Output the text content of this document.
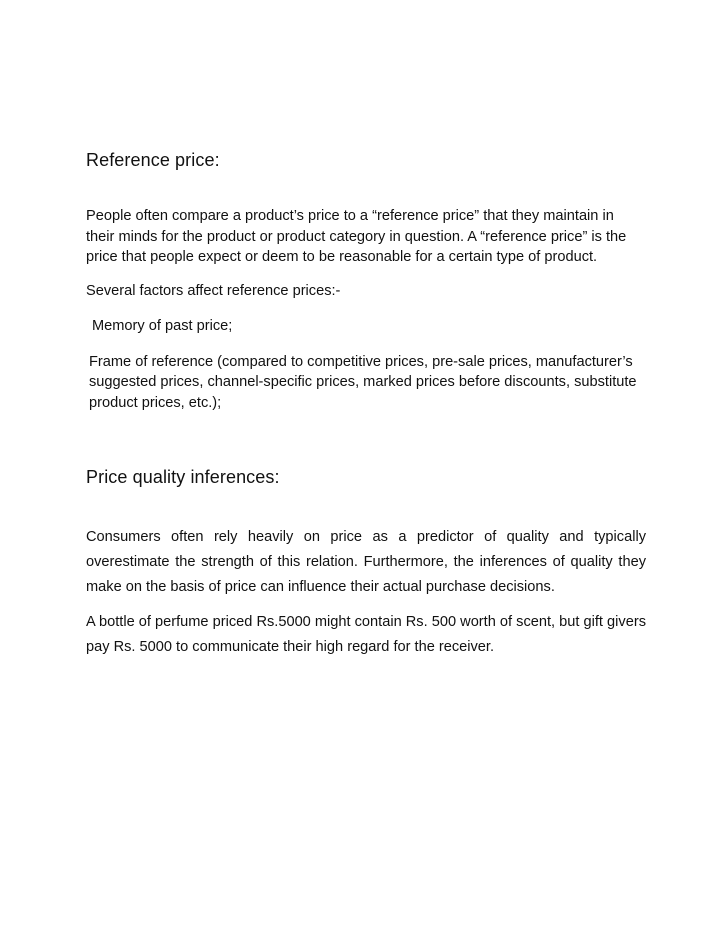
Reference price:

People often compare a product’s price to a “reference price” that they maintain in their minds for the product or product category in question. A “reference price” is the price that people expect or deem to be reasonable for a certain type of product.

Several factors affect reference prices:-

Memory of past price;

Frame of reference (compared to competitive prices, pre-sale prices, manufacturer’s suggested prices, channel-specific prices, marked prices before discounts, substitute product prices, etc.);

Price quality inferences:

Consumers often rely heavily on price as a predictor of quality and typically overestimate the strength of this relation. Furthermore, the inferences of quality they make on the basis of price can influence their actual purchase decisions.

A bottle of perfume priced Rs.5000 might contain Rs. 500 worth of scent, but gift givers pay Rs. 5000 to communicate their high regard for the receiver.
